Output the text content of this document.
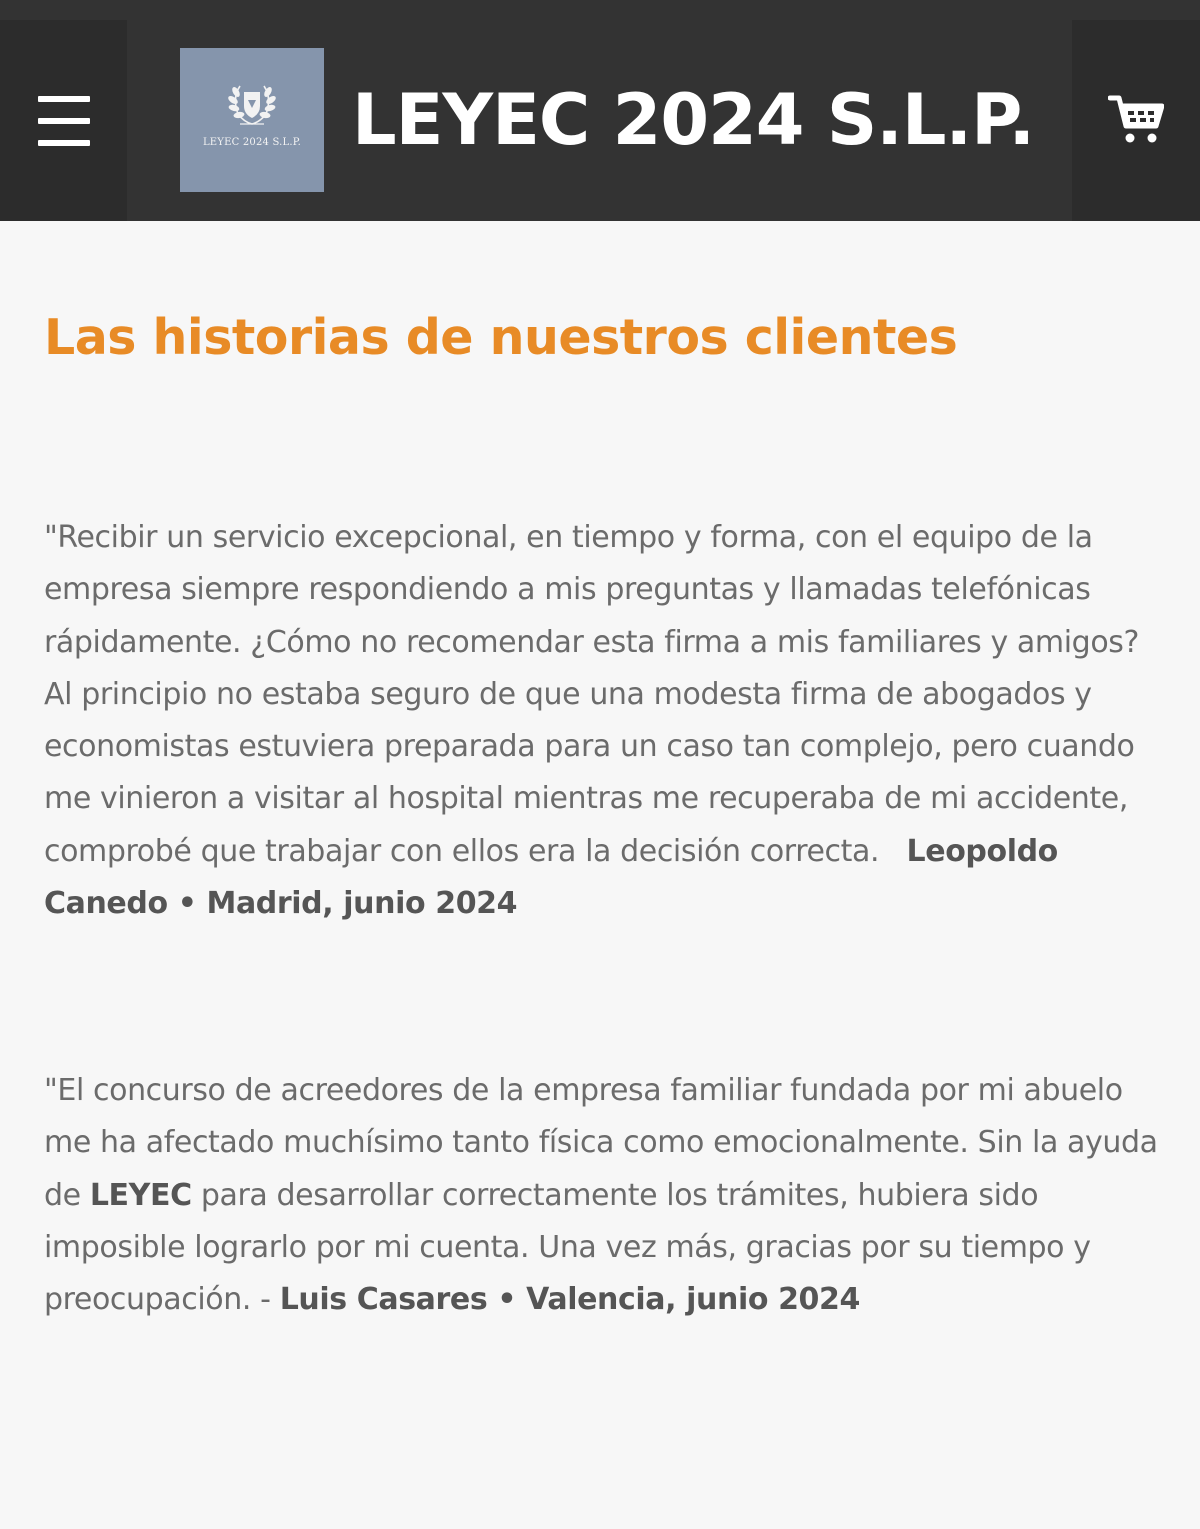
LEYEC 2024 S.L.P. LEYEC 2024 S.L.P.
Las historias de nuestros clientes

"Recibir un servicio excepcional, en tiempo y forma, con el equipo de la empresa siempre respondiendo a mis preguntas y llamadas telefónicas rápidamente. ¿Cómo no recomendar esta firma a mis familiares y amigos? Al principio no estaba seguro de que una modesta firma de abogados y economistas estuviera preparada para un caso tan complejo, pero cuando me vinieron a visitar al hospital mientras me recuperaba de mi accidente, comprobé que trabajar con ellos era la decisión correcta. Leopoldo Canedo • Madrid, junio 2024

"El concurso de acreedores de la empresa familiar fundada por mi abuelo me ha afectado muchísimo tanto física como emocionalmente. Sin la ayuda de LEYEC para desarrollar correctamente los trámites, hubiera sido imposible lograrlo por mi cuenta. Una vez más, gracias por su tiempo y preocupación. - Luis Casares • Valencia, junio 2024
